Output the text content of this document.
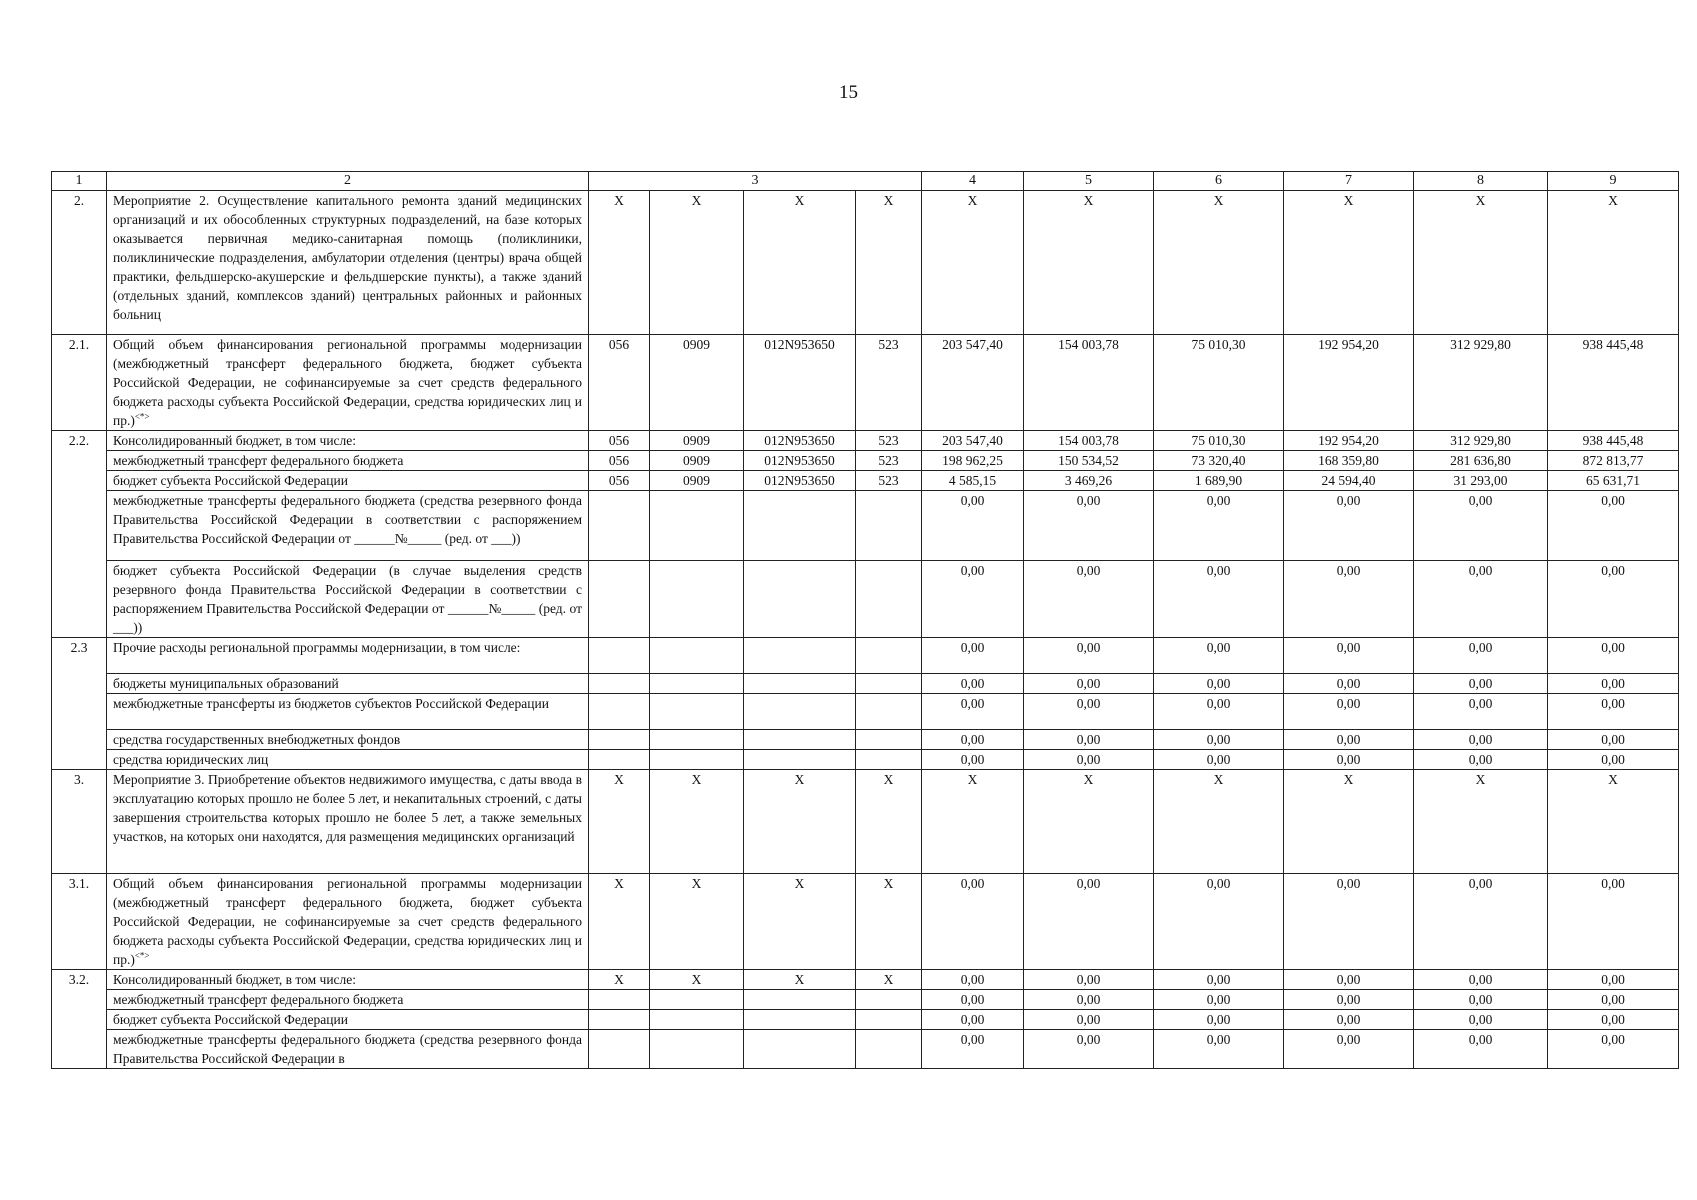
15
1	2	3				4	5	6	7	8	9
2.	Мероприятие 2. Осуществление капитального ремонта зданий медицинских организаций и их обособленных структурных подразделений, на базе которых оказывается первичная медико-санитарная помощь (поликлиники, поликлинические подразделения, амбулатории отделения (центры) врача общей практики, фельдшерско-акушерские и фельдшерские пункты), а также зданий (отдельных зданий, комплексов зданий) центральных районных и районных больниц	Х	Х	Х	Х	Х	Х	Х	Х	Х	Х
2.1.	Общий объем финансирования региональной программы модернизации (межбюджетный трансферт федерального бюджета, бюджет субъекта Российской Федерации, не софинансируемые за счет средств федерального бюджета расходы субъекта Российской Федерации, средства юридических лиц и пр.)<*>	056	0909	012N953650	523	203 547,40	154 003,78	75 010,30	192 954,20	312 929,80	938 445,48
2.2.	Консолидированный бюджет, в том числе:	056	0909	012N953650	523	203 547,40	154 003,78	75 010,30	192 954,20	312 929,80	938 445,48
	межбюджетный трансферт федерального бюджета	056	0909	012N953650	523	198 962,25	150 534,52	73 320,40	168 359,80	281 636,80	872 813,77
	бюджет субъекта Российской Федерации	056	0909	012N953650	523	4 585,15	3 469,26	1 689,90	24 594,40	31 293,00	65 631,71
	межбюджетные трансферты федерального бюджета (средства резервного фонда Правительства Российской Федерации в соответствии с распоряжением Правительства Российской Федерации от ______№_____ (ред. от ___))					0,00	0,00	0,00	0,00	0,00	0,00
	бюджет субъекта Российской Федерации (в случае выделения средств резервного фонда Правительства Российской Федерации в соответствии с распоряжением Правительства Российской Федерации от ______№_____ (ред. от ___))					0,00	0,00	0,00	0,00	0,00	0,00
2.3	Прочие расходы региональной программы модернизации, в том числе:					0,00	0,00	0,00	0,00	0,00	0,00
	бюджеты муниципальных образований					0,00	0,00	0,00	0,00	0,00	0,00
	межбюджетные трансферты из бюджетов субъектов Российской Федерации					0,00	0,00	0,00	0,00	0,00	0,00
	средства государственных внебюджетных фондов					0,00	0,00	0,00	0,00	0,00	0,00
	средства юридических лиц					0,00	0,00	0,00	0,00	0,00	0,00
3.	Мероприятие 3. Приобретение объектов недвижимого имущества, с даты ввода в эксплуатацию которых прошло не более 5 лет, и некапитальных строений, с даты завершения строительства которых прошло не более 5 лет, а также земельных участков, на которых они находятся, для размещения медицинских организаций	Х	Х	Х	Х	Х	Х	Х	Х	Х	Х
3.1.	Общий объем финансирования региональной программы модернизации (межбюджетный трансферт федерального бюджета, бюджет субъекта Российской Федерации, не софинансируемые за счет средств федерального бюджета расходы субъекта Российской Федерации, средства юридических лиц и пр.)<*>	Х	Х	Х	Х	0,00	0,00	0,00	0,00	0,00	0,00
3.2.	Консолидированный бюджет, в том числе:	Х	Х	Х	Х	0,00	0,00	0,00	0,00	0,00	0,00
	межбюджетный трансферт федерального бюджета					0,00	0,00	0,00	0,00	0,00	0,00
	бюджет субъекта Российской Федерации					0,00	0,00	0,00	0,00	0,00	0,00
	межбюджетные трансферты федерального бюджета (средства резервного фонда Правительства Российской Федерации в					0,00	0,00	0,00	0,00	0,00	0,00
